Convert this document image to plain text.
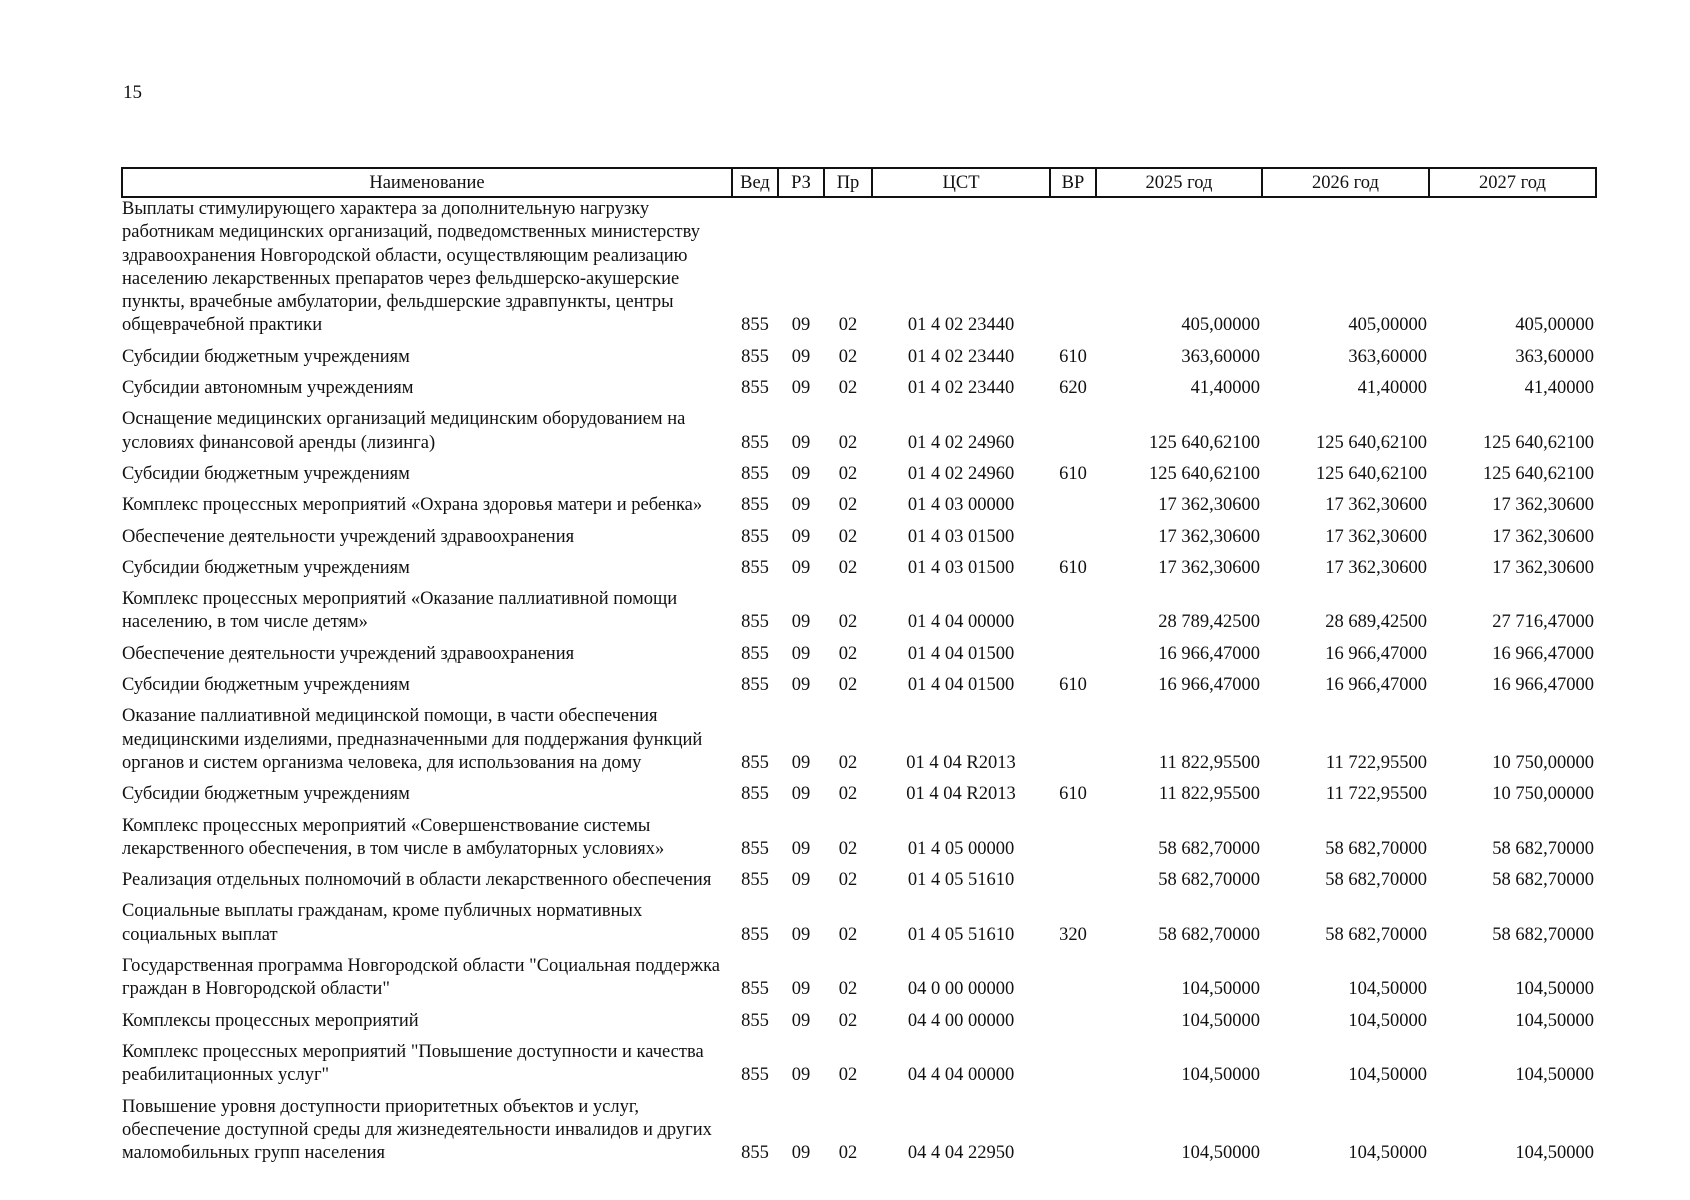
15
Наименование	Вед	РЗ	Пр	ЦСТ	ВР	2025 год	2026 год	2027 год
Выплаты стимулирующего характера за дополнительную нагрузку работникам медицинских организаций, подведомственных министерству здравоохранения Новгородской области, осуществляющим реализацию населению лекарственных препаратов через фельдшерско-акушерские пункты, врачебные амбулатории, фельдшерские здравпункты, центры общеврачебной практики	855	09	02	01 4 02 23440		405,00000	405,00000	405,00000
Субсидии бюджетным учреждениям	855	09	02	01 4 02 23440	610	363,60000	363,60000	363,60000
Субсидии автономным учреждениям	855	09	02	01 4 02 23440	620	41,40000	41,40000	41,40000
Оснащение медицинских организаций медицинским оборудованием на условиях финансовой аренды (лизинга)	855	09	02	01 4 02 24960		125 640,62100	125 640,62100	125 640,62100
Субсидии бюджетным учреждениям	855	09	02	01 4 02 24960	610	125 640,62100	125 640,62100	125 640,62100
Комплекс процессных мероприятий «Охрана здоровья матери и ребенка»	855	09	02	01 4 03 00000		17 362,30600	17 362,30600	17 362,30600
Обеспечение деятельности учреждений здравоохранения	855	09	02	01 4 03 01500		17 362,30600	17 362,30600	17 362,30600
Субсидии бюджетным учреждениям	855	09	02	01 4 03 01500	610	17 362,30600	17 362,30600	17 362,30600
Комплекс процессных мероприятий «Оказание паллиативной помощи населению, в том числе детям»	855	09	02	01 4 04 00000		28 789,42500	28 689,42500	27 716,47000
Обеспечение деятельности учреждений здравоохранения	855	09	02	01 4 04 01500		16 966,47000	16 966,47000	16 966,47000
Субсидии бюджетным учреждениям	855	09	02	01 4 04 01500	610	16 966,47000	16 966,47000	16 966,47000
Оказание паллиативной медицинской помощи, в части обеспечения медицинскими изделиями, предназначенными для поддержания функций органов и систем организма человека, для использования на дому	855	09	02	01 4 04 R2013		11 822,95500	11 722,95500	10 750,00000
Субсидии бюджетным учреждениям	855	09	02	01 4 04 R2013	610	11 822,95500	11 722,95500	10 750,00000
Комплекс процессных мероприятий «Совершенствование системы лекарственного обеспечения, в том числе в амбулаторных условиях»	855	09	02	01 4 05 00000		58 682,70000	58 682,70000	58 682,70000
Реализация отдельных полномочий в области лекарственного обеспечения	855	09	02	01 4 05 51610		58 682,70000	58 682,70000	58 682,70000
Социальные выплаты гражданам, кроме публичных нормативных социальных выплат	855	09	02	01 4 05 51610	320	58 682,70000	58 682,70000	58 682,70000
Государственная программа Новгородской области "Социальная поддержка граждан в Новгородской области"	855	09	02	04 0 00 00000		104,50000	104,50000	104,50000
Комплексы процессных мероприятий	855	09	02	04 4 00 00000		104,50000	104,50000	104,50000
Комплекс процессных мероприятий "Повышение доступности и качества реабилитационных услуг"	855	09	02	04 4 04 00000		104,50000	104,50000	104,50000
Повышение уровня доступности приоритетных объектов и услуг, обеспечение доступной среды для жизнедеятельности инвалидов и других маломобильных групп населения	855	09	02	04 4 04 22950		104,50000	104,50000	104,50000
